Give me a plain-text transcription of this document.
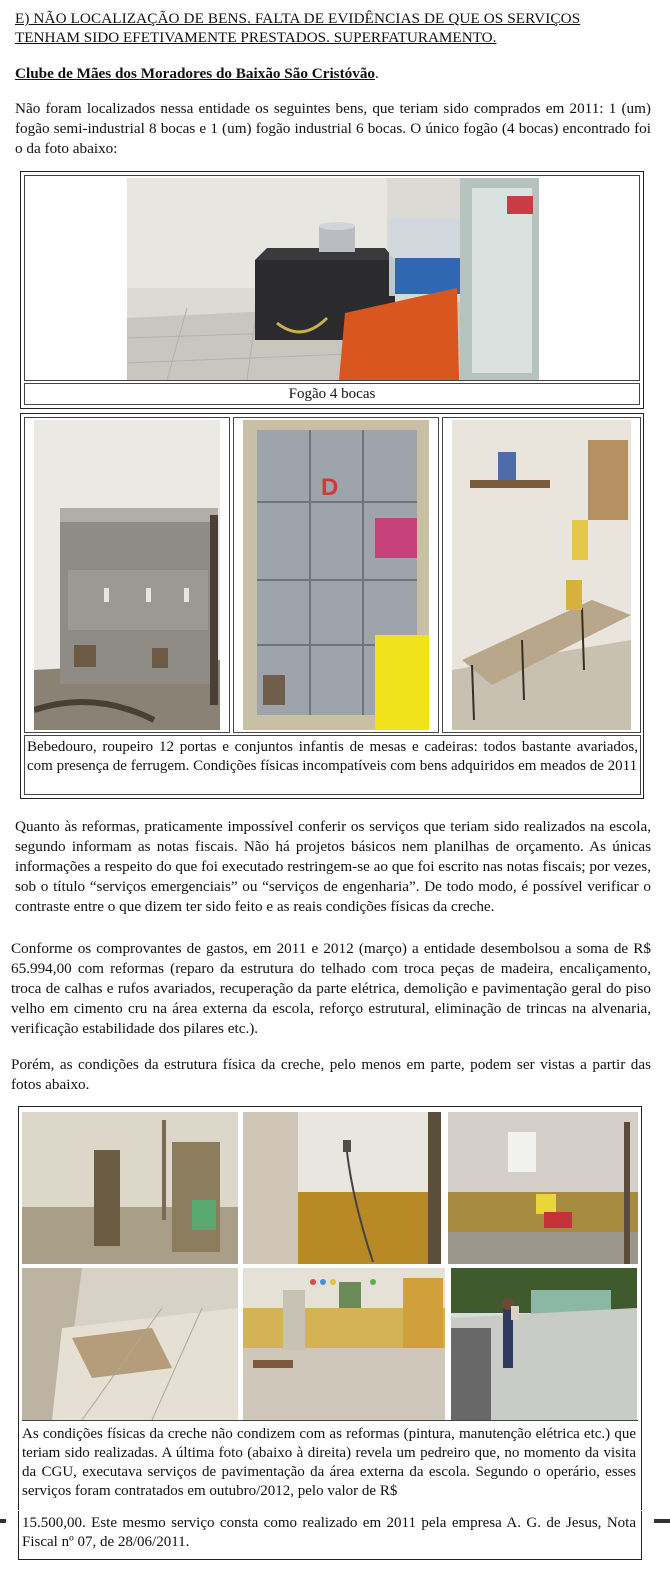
E) NÃO LOCALIZAÇÃO DE BENS. FALTA DE EVIDÊNCIAS DE QUE OS SERVIÇOS
TENHAM SIDO EFETIVAMENTE PRESTADOS. SUPERFATURAMENTO.
Clube de Mães dos Moradores do Baixão São Cristóvão.
Não foram localizados nessa entidade os seguintes bens, que teriam sido comprados em 2011: 1 (um) fogão semi-industrial 8 bocas e 1 (um) fogão industrial 6 bocas. O único fogão (4 bocas) encontrado foi o da foto abaixo:
Fogão 4 bocas
D
Bebedouro, roupeiro 12 portas e conjuntos infantis de mesas e cadeiras: todos bastante avariados, com presença de ferrugem. Condições físicas incompatíveis com bens adquiridos em meados de 2011
Quanto às reformas, praticamente impossível conferir os serviços que teriam sido realizados na escola, segundo informam as notas fiscais. Não há projetos básicos nem planilhas de orçamento. As únicas informações a respeito do que foi executado restringem-se ao que foi escrito nas notas fiscais; por vezes, sob o título “serviços emergenciais” ou “serviços de engenharia”. De todo modo, é possível verificar o contraste entre o que dizem ter sido feito e as reais condições físicas da creche.
Conforme os comprovantes de gastos, em 2011 e 2012 (março) a entidade desembolsou a soma de R$ 65.994,00 com reformas (reparo da estrutura do telhado com troca peças de madeira, encaliçamento, troca de calhas e rufos avariados, recuperação da parte elétrica, demolição e pavimentação geral do piso velho em cimento cru na área externa da escola, reforço estrutural, eliminação de trincas na alvenaria, verificação estabilidade dos pilares etc.).
Porém, as condições da estrutura física da creche, pelo menos em parte, podem ser vistas a partir das fotos abaixo.
As condições físicas da creche não condizem com as reformas (pintura, manutenção elétrica etc.) que teriam sido realizadas. A última foto (abaixo à direita) revela um pedreiro que, no momento da visita da CGU, executava serviços de pavimentação da área externa da escola. Segundo o operário, esses serviços foram contratados em outubro/2012, pelo valor de R$
15.500,00. Este mesmo serviço consta como realizado em 2011 pela empresa A. G. de Jesus, Nota Fiscal nº 07, de 28/06/2011.
